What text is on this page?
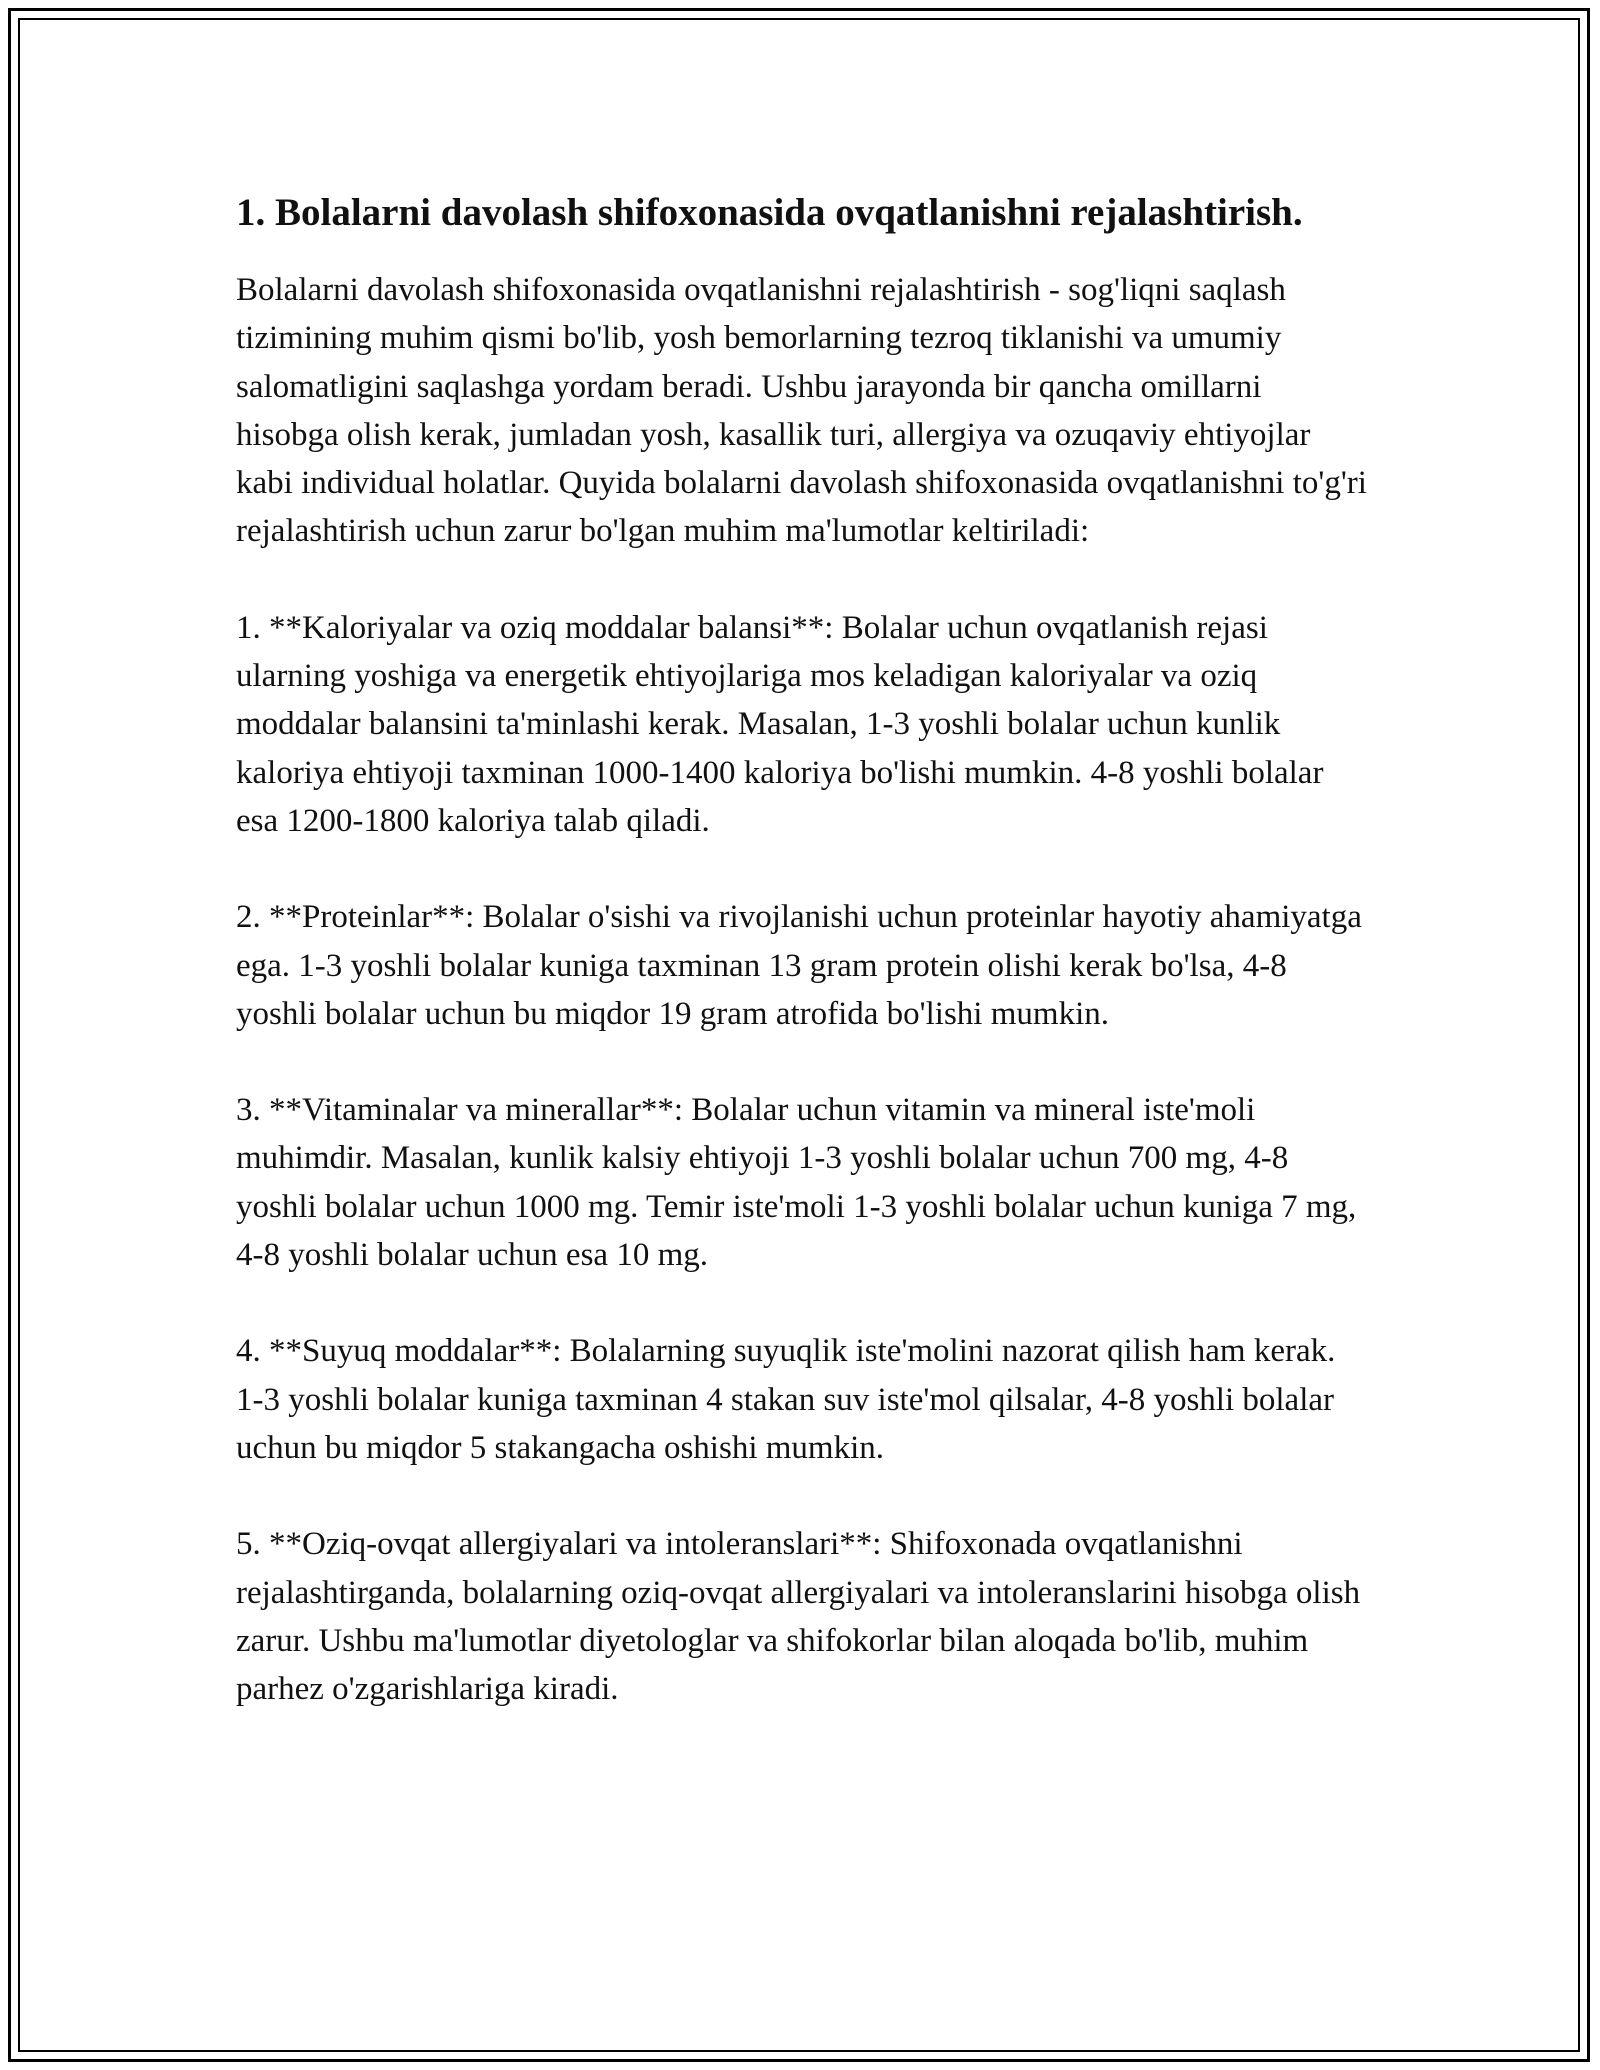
1. Bolalarni davolash shifoxonasida ovqatlanishni rejalashtirish.

Bolalarni davolash shifoxonasida ovqatlanishni rejalashtirish - sog'liqni saqlash tizimining muhim qismi bo'lib, yosh bemorlarning tezroq tiklanishi va umumiy salomatligini saqlashga yordam beradi. Ushbu jarayonda bir qancha omillarni hisobga olish kerak, jumladan yosh, kasallik turi, allergiya va ozuqaviy ehtiyojlar kabi individual holatlar. Quyida bolalarni davolash shifoxonasida ovqatlanishni to'g'ri rejalashtirish uchun zarur bo'lgan muhim ma'lumotlar keltiriladi:

1. **Kaloriyalar va oziq moddalar balansi**: Bolalar uchun ovqatlanish rejasi ularning yoshiga va energetik ehtiyojlariga mos keladigan kaloriyalar va oziq moddalar balansini ta'minlashi kerak. Masalan, 1-3 yoshli bolalar uchun kunlik kaloriya ehtiyoji taxminan 1000-1400 kaloriya bo'lishi mumkin. 4-8 yoshli bolalar esa 1200-1800 kaloriya talab qiladi.

2. **Proteinlar**: Bolalar o'sishi va rivojlanishi uchun proteinlar hayotiy ahamiyatga ega. 1-3 yoshli bolalar kuniga taxminan 13 gram protein olishi kerak bo'lsa, 4-8 yoshli bolalar uchun bu miqdor 19 gram atrofida bo'lishi mumkin.

3. **Vitaminalar va minerallar**: Bolalar uchun vitamin va mineral iste'moli muhimdir. Masalan, kunlik kalsiy ehtiyoji 1-3 yoshli bolalar uchun 700 mg, 4-8 yoshli bolalar uchun 1000 mg. Temir iste'moli 1-3 yoshli bolalar uchun kuniga 7 mg, 4-8 yoshli bolalar uchun esa 10 mg.

4. **Suyuq moddalar**: Bolalarning suyuqlik iste'molini nazorat qilish ham kerak. 1-3 yoshli bolalar kuniga taxminan 4 stakan suv iste'mol qilsalar, 4-8 yoshli bolalar uchun bu miqdor 5 stakangacha oshishi mumkin.

5. **Oziq-ovqat allergiyalari va intoleranslari**: Shifoxonada ovqatlanishni rejalashtirganda, bolalarning oziq-ovqat allergiyalari va intoleranslarini hisobga olish zarur. Ushbu ma'lumotlar diyetologlar va shifokorlar bilan aloqada bo'lib, muhim parhez o'zgarishlariga kiradi.
